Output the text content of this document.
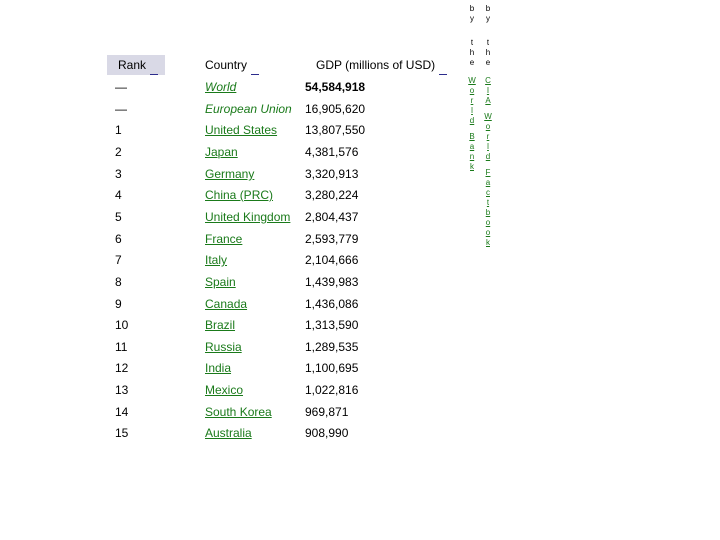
Rank	Country	GDP (millions of USD)
—	World	54,584,918
—	European Union 16,905,620
1	United States 13,807,550
2	Japan	4,381,576
3	Germany	3,320,913
4	China (PRC)	3,280,224
5	United Kingdom 2,804,437
6	France	2,593,779
7	Italy	2,104,666
8	Spain	1,439,983
9	Canada	1,436,086
10	Brazil	1,313,590
11	Russia	1,289,535
12	India	1,100,695
13	Mexico	1,022,816
14	South Korea	969,871
15	Australia	908,990
b
y
t
h
e
W
o
r
l
d
B
a
n
k
b
y
t
h
e
C
I
A
W
o
r
l
d
F
a
c
t
b
o
o
k
